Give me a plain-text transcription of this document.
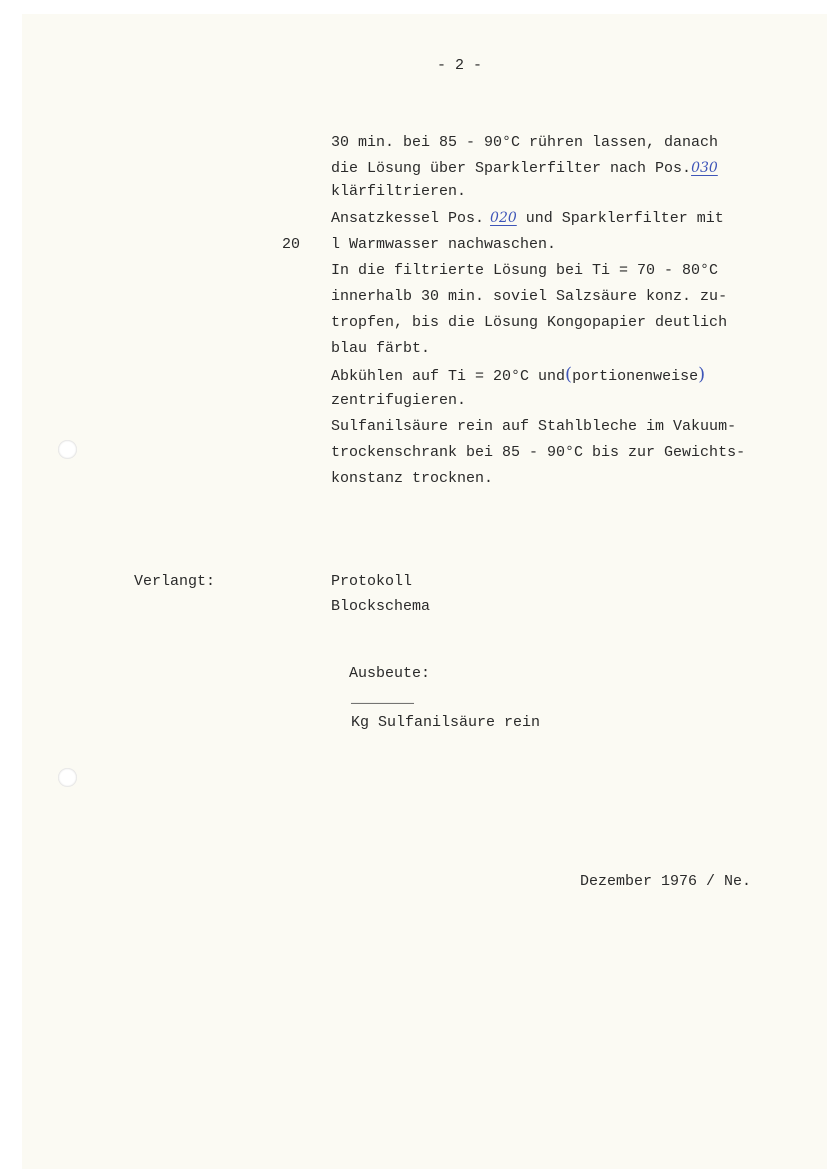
- 2 -
20
30 min. bei 85 - 90°C rühren lassen, danach
die Lösung über Sparklerfilter nach Pos.030
klärfiltrieren.
Ansatzkessel Pos. 020 und Sparklerfilter mit
l Warmwasser nachwaschen.
In die filtrierte Lösung bei Ti = 70 - 80°C
innerhalb 30 min. soviel Salzsäure konz. zu-
tropfen, bis die Lösung Kongopapier deutlich
blau färbt.
Abkühlen auf Ti = 20°C und(portionenweise)
zentrifugieren.
Sulfanilsäure rein auf Stahlbleche im Vakuum-
trockenschrank bei 85 - 90°C bis zur Gewichts-
konstanz trocknen.
Verlangt:	Protokoll
Blockschema

Ausbeute:
_______
Kg Sulfanilsäure rein

Dezember 1976 / Ne.
